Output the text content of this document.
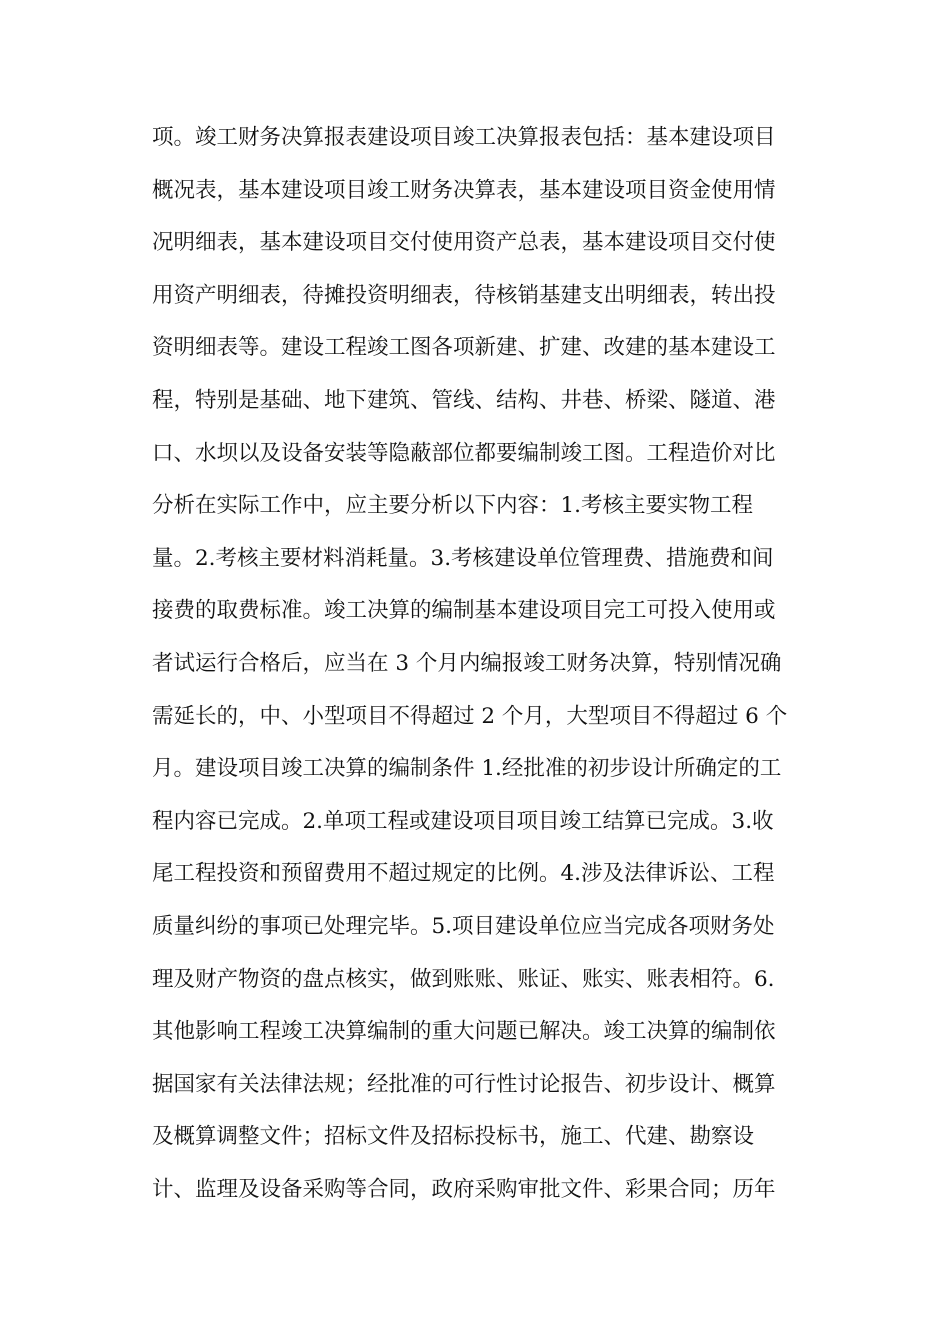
项。竣工财务决算报表建设项目竣工决算报表包括：基本建设项目
概况表，基本建设项目竣工财务决算表，基本建设项目资金使用情
况明细表，基本建设项目交付使用资产总表，基本建设项目交付使
用资产明细表，待摊投资明细表，待核销基建支出明细表，转出投
资明细表等。建设工程竣工图各项新建、扩建、改建的基本建设工
程，特别是基础、地下建筑、管线、结构、井巷、桥梁、隧道、港
口、水坝以及设备安装等隐蔽部位都要编制竣工图。工程造价对比
分析在实际工作中，应主要分析以下内容：1.考核主要实物工程
量。2.考核主要材料消耗量。3.考核建设单位管理费、措施费和间
接费的取费标准。竣工决算的编制基本建设项目完工可投入使用或
者试运行合格后，应当在 3 个月内编报竣工财务决算，特别情况确
需延长的，中、小型项目不得超过 2 个月，大型项目不得超过 6 个
月。建设项目竣工决算的编制条件 1.经批准的初步设计所确定的工
程内容已完成。2.单项工程或建设项目项目竣工结算已完成。3.收
尾工程投资和预留费用不超过规定的比例。4.涉及法律诉讼、工程
质量纠纷的事项已处理完毕。5.项目建设单位应当完成各项财务处
理及财产物资的盘点核实，做到账账、账证、账实、账表相符。6.
其他影响工程竣工决算编制的重大问题已解决。竣工决算的编制依
据国家有关法律法规；经批准的可行性讨论报告、初步设计、概算
及概算调整文件；招标文件及招标投标书，施工、代建、勘察设
计、监理及设备采购等合同，政府采购审批文件、彩果合同；历年
